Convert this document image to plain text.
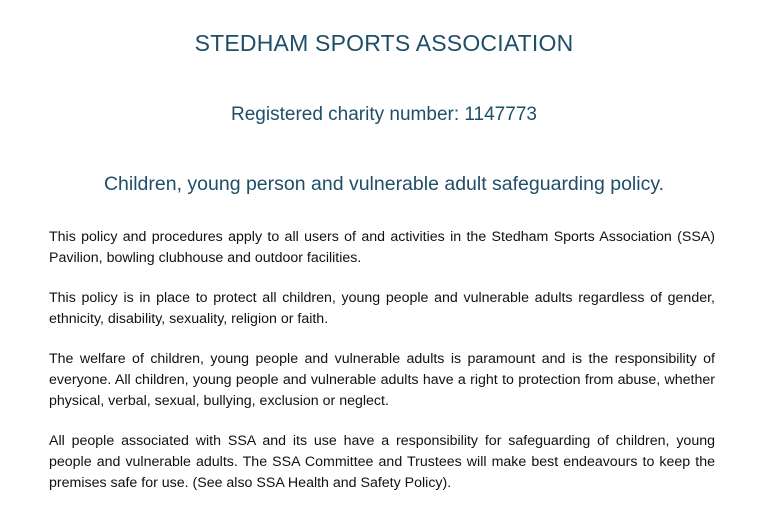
STEDHAM SPORTS ASSOCIATION
Registered charity number: 1147773
Children, young person and vulnerable adult safeguarding policy.

This policy and procedures apply to all users of and activities in the Stedham Sports Association (SSA) Pavilion, bowling clubhouse and outdoor facilities.

This policy is in place to protect all children, young people and vulnerable adults regardless of gender, ethnicity, disability, sexuality, religion or faith.

The welfare of children, young people and vulnerable adults is paramount and is the responsibility of everyone. All children, young people and vulnerable adults have a right to protection from abuse, whether physical, verbal, sexual, bullying, exclusion or neglect.

All people associated with SSA and its use have a responsibility for safeguarding of children, young people and vulnerable adults. The SSA Committee and Trustees will make best endeavours to keep the premises safe for use. (See also SSA Health and Safety Policy).
